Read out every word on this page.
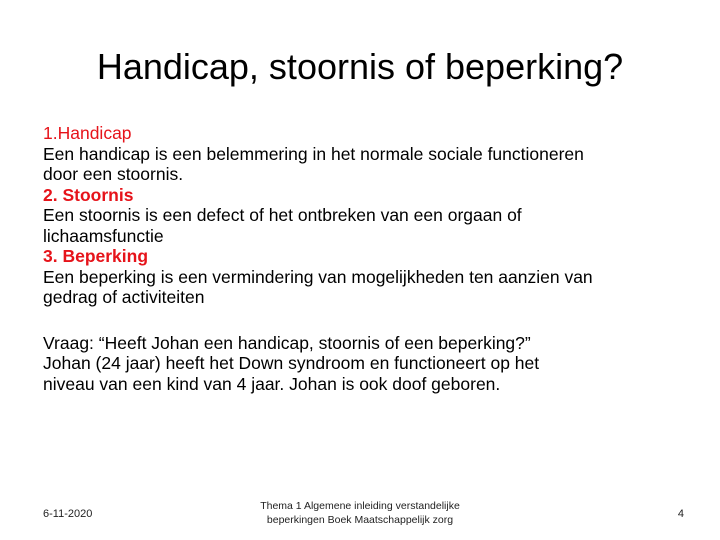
Handicap, stoornis of beperking?
1.Handicap
Een handicap is een belemmering in het normale sociale functioneren
door een stoornis.
2. Stoornis
Een stoornis is een defect of het ontbreken van een orgaan of
lichaamsfunctie
3. Beperking
Een beperking is een vermindering van mogelijkheden ten aanzien van
gedrag of activiteiten
Vraag: “Heeft Johan een handicap, stoornis of een beperking?”
Johan (24 jaar) heeft het Down syndroom en functioneert op het
niveau van een kind van 4 jaar. Johan is ook doof geboren.
6-11-2020
Thema 1 Algemene inleiding verstandelijke
beperkingen Boek Maatschappelijk zorg	4
